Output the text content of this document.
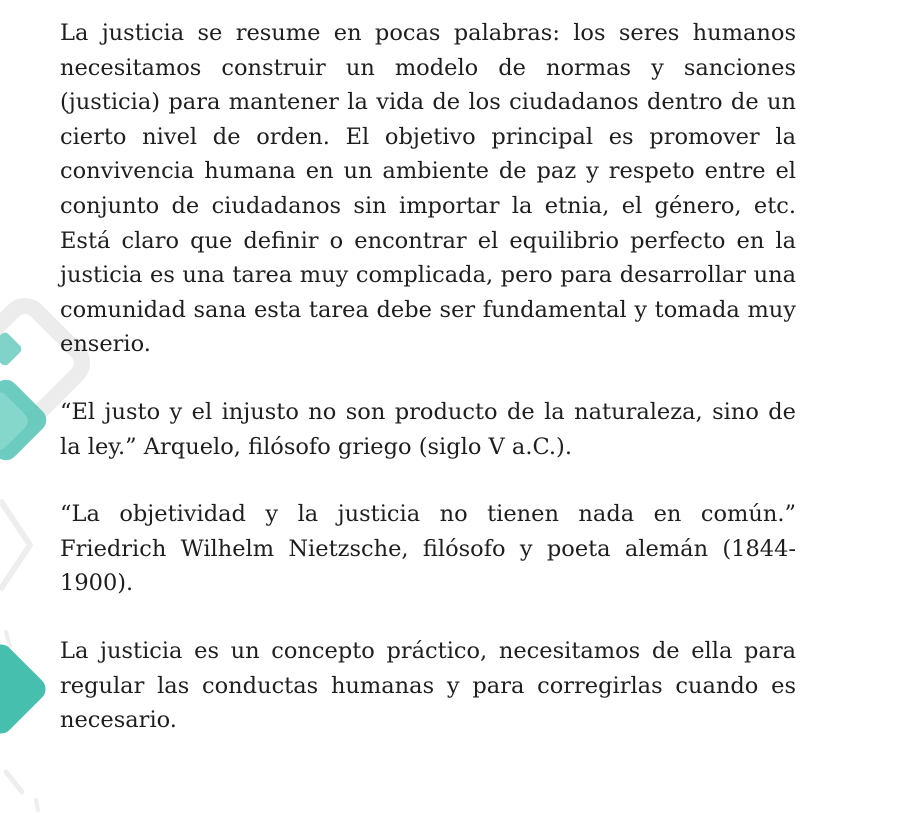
La justicia se resume en pocas palabras: los seres humanos necesitamos construir un modelo de normas y sanciones (justicia) para mantener la vida de los ciudadanos dentro de un cierto nivel de orden. El objetivo principal es promover la convivencia humana en un ambiente de paz y respeto entre el conjunto de ciudadanos sin importar la etnia, el género, etc. Está claro que definir o encontrar el equilibrio perfecto en la justicia es una tarea muy complicada, pero para desarrollar una comunidad sana esta tarea debe ser fundamental y tomada muy enserio.

“El justo y el injusto no son producto de la naturaleza, sino de la ley.” Arquelo, filósofo griego (siglo V a.C.).

“La objetividad y la justicia no tienen nada en común.” Friedrich Wilhelm Nietzsche, filósofo y poeta alemán (1844-1900).

La justicia es un concepto práctico, necesitamos de ella para regular las conductas humanas y para corregirlas cuando es necesario.
